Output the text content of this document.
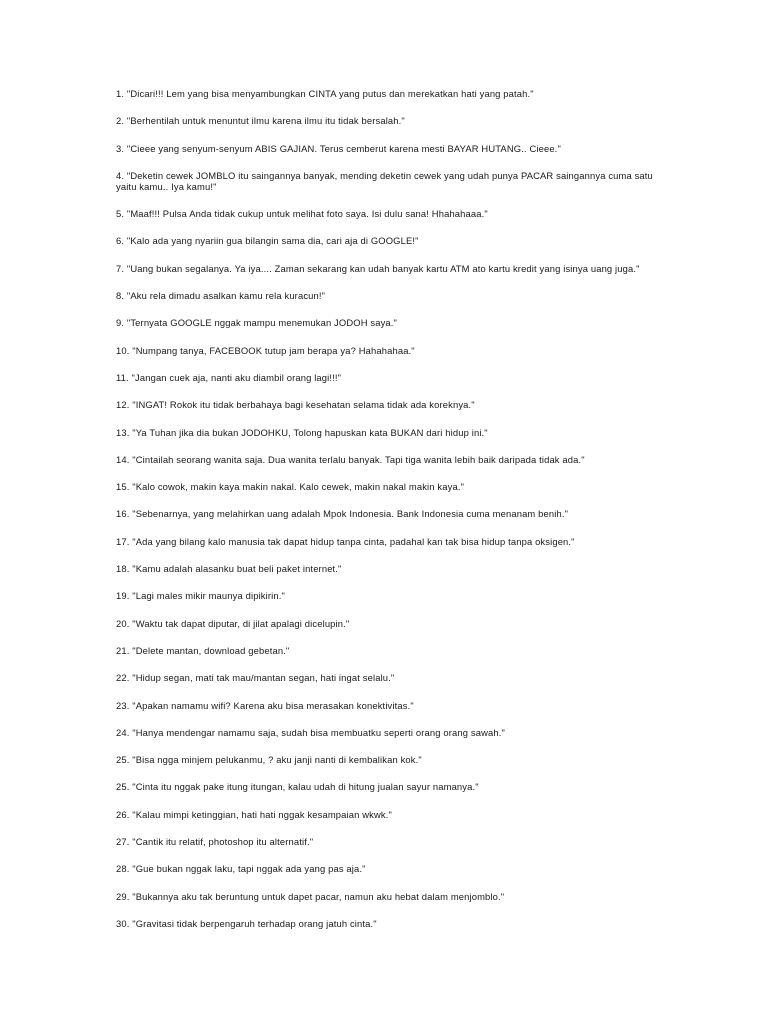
1. "Dicari!!! Lem yang bisa menyambungkan CINTA yang putus dan merekatkan hati yang patah."
2. "Berhentilah untuk menuntut ilmu karena ilmu itu tidak bersalah."
3. "Cieee yang senyum-senyum ABIS GAJIAN. Terus cemberut karena mesti BAYAR HUTANG.. Cieee."
4. "Deketin cewek JOMBLO itu saingannya banyak, mending deketin cewek yang udah punya PACAR saingannya cuma satu yaitu kamu.. Iya kamu!"
5. "Maaf!!! Pulsa Anda tidak cukup untuk melihat foto saya. Isi dulu sana! Hhahahaaa."
6. "Kalo ada yang nyariin gua bilangin sama dia, cari aja di GOOGLE!"
7. "Uang bukan segalanya. Ya iya.... Zaman sekarang kan udah banyak kartu ATM ato kartu kredit yang isinya uang juga."
8. "Aku rela dimadu asalkan kamu rela kuracun!"
9. "Ternyata GOOGLE nggak mampu menemukan JODOH saya."
10. "Numpang tanya, FACEBOOK tutup jam berapa ya? Hahahahaa."
11. "Jangan cuek aja, nanti aku diambil orang lagi!!!"
12. "INGAT! Rokok itu tidak berbahaya bagi kesehatan selama tidak ada koreknya."
13. "Ya Tuhan jika dia bukan JODOHKU, Tolong hapuskan kata BUKAN dari hidup ini."
14. "Cintailah seorang wanita saja. Dua wanita terlalu banyak. Tapi tiga wanita lebih baik daripada tidak ada."
15. "Kalo cowok, makin kaya makin nakal. Kalo cewek, makin nakal makin kaya."
16. "Sebenarnya, yang melahirkan uang adalah Mpok Indonesia. Bank Indonesia cuma menanam benih."
17. "Ada yang bilang kalo manusia tak dapat hidup tanpa cinta, padahal kan tak bisa hidup tanpa oksigen."
18. "Kamu adalah alasanku buat beli paket internet."
19. "Lagi males mikir maunya dipikirin."
20. "Waktu tak dapat diputar, di jilat apalagi dicelupin."
21. "Delete mantan, download gebetan."
22. "Hidup segan, mati tak mau/mantan segan, hati ingat selalu."
23. "Apakan namamu wifi? Karena aku bisa merasakan konektivitas."
24. "Hanya mendengar namamu saja, sudah bisa membuatku seperti orang orang sawah."
25. "Bisa ngga minjem pelukanmu, ? aku janji nanti di kembalikan kok."
25. "Cinta itu nggak pake itung itungan, kalau udah di hitung jualan sayur namanya."
26. "Kalau mimpi ketinggian, hati hati nggak kesampaian wkwk."
27. "Cantik itu relatif, photoshop itu alternatif."
28. "Gue bukan nggak laku, tapi nggak ada yang pas aja."
29. "Bukannya aku tak beruntung untuk dapet pacar, namun aku hebat dalam menjomblo."
30. "Gravitasi tidak berpengaruh terhadap orang jatuh cinta."
